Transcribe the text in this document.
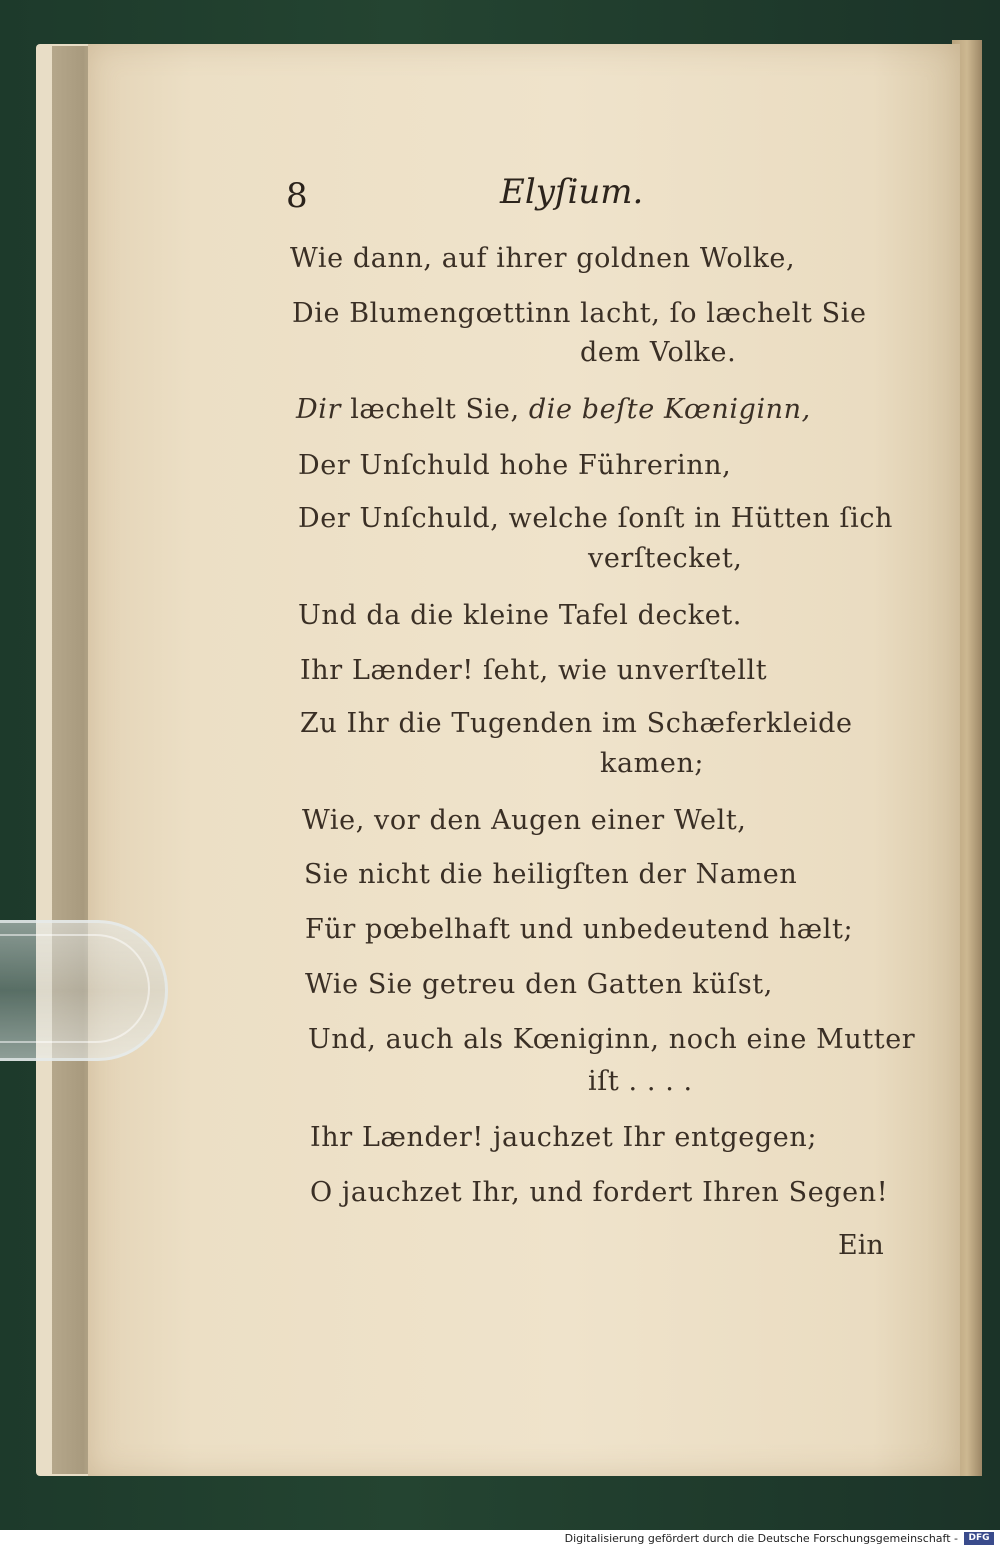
8	Elyſium.
Wie dann, auf ihrer goldnen Wolke,
Die Blumengœttinn lacht, ſo læchelt Sie
dem Volke.
Dir læchelt Sie, die beſte Kœniginn,
Der Unſchuld hohe Führerinn,
Der Unſchuld, welche ſonſt in Hütten ſich
verſtecket,
Und da die kleine Tafel decket.
Ihr Lænder! ſeht, wie unverſtellt
Zu Ihr die Tugenden im Schæferkleide
kamen;
Wie, vor den Augen einer Welt,
Sie nicht die heiligſten der Namen
Für pœbelhaft und unbedeutend hælt;
Wie Sie getreu den Gatten küſst,
Und, auch als Kœniginn, noch eine Mutter
iſt . . . .
Ihr Lænder! jauchzet Ihr entgegen;
O jauchzet Ihr, und fordert Ihren Segen!
Ein
Digitalisierung gefördert durch die Deutsche Forschungsgemeinschaft -	DFG
